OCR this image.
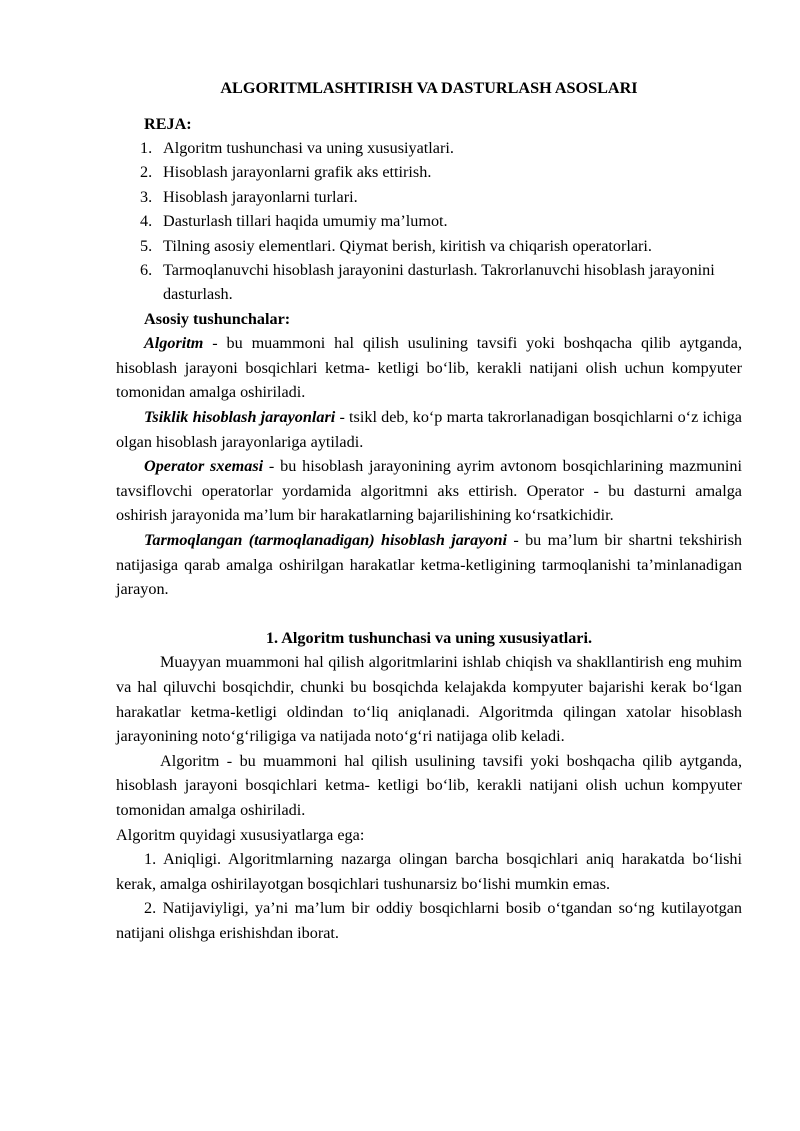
ALGORITMLASHTIRISH VA DASTURLASH ASOSLARI
REJA:
1. Algoritm tushunchasi va uning xususiyatlari.
2. Hisoblash jarayonlarni grafik aks ettirish.
3. Hisoblash jarayonlarni turlari.
4. Dasturlash tillari haqida umumiy ma’lumot.
5. Tilning asosiy elementlari. Qiymat berish, kiritish va chiqarish operatorlari.
6. Tarmoqlanuvchi hisoblash jarayonini dasturlash. Takrorlanuvchi hisoblash jarayonini dasturlash.
Asosiy tushunchalar:

Algoritm - bu muammoni hal qilish usulining tavsifi yoki boshqacha qilib aytganda, hisoblash jarayoni bosqichlari ketma- ketligi bo‘lib, kerakli natijani olish uchun kompyuter tomonidan amalga oshiriladi.

Tsiklik hisoblash jarayonlari - tsikl deb, ko‘p marta takrorlanadigan bosqichlarni o‘z ichiga olgan hisoblash jarayonlariga aytiladi.

Operator sxemasi - bu hisoblash jarayonining ayrim avtonom bosqichlarining mazmunini tavsiflovchi operatorlar yordamida algoritmni aks ettirish. Operator - bu dasturni amalga oshirish jarayonida ma’lum bir harakatlarning bajarilishining ko‘rsatkichidir.

Tarmoqlangan (tarmoqlanadigan) hisoblash jarayoni - bu ma’lum bir shartni tekshirish natijasiga qarab amalga oshirilgan harakatlar ketma-ketligining tarmoqlanishi ta’minlanadigan jarayon.

1. Algoritm tushunchasi va uning xususiyatlari.

Muayyan muammoni hal qilish algoritmlarini ishlab chiqish va shakllantirish eng muhim va hal qiluvchi bosqichdir, chunki bu bosqichda kelajakda kompyuter bajarishi kerak bo‘lgan harakatlar ketma-ketligi oldindan to‘liq aniqlanadi. Algoritmda qilingan xatolar hisoblash jarayonining noto‘g‘riligiga va natijada noto‘g‘ri natijaga olib keladi.

Algoritm - bu muammoni hal qilish usulining tavsifi yoki boshqacha qilib aytganda, hisoblash jarayoni bosqichlari ketma- ketligi bo‘lib, kerakli natijani olish uchun kompyuter tomonidan amalga oshiriladi.

Algoritm quyidagi xususiyatlarga ega:

1. Aniqligi. Algoritmlarning nazarga olingan barcha bosqichlari aniq harakatda bo‘lishi kerak, amalga oshirilayotgan bosqichlari tushunarsiz bo‘lishi mumkin emas.

2. Natijaviyligi, ya’ni ma’lum bir oddiy bosqichlarni bosib o‘tgandan so‘ng kutilayotgan natijani olishga erishishdan iborat.
